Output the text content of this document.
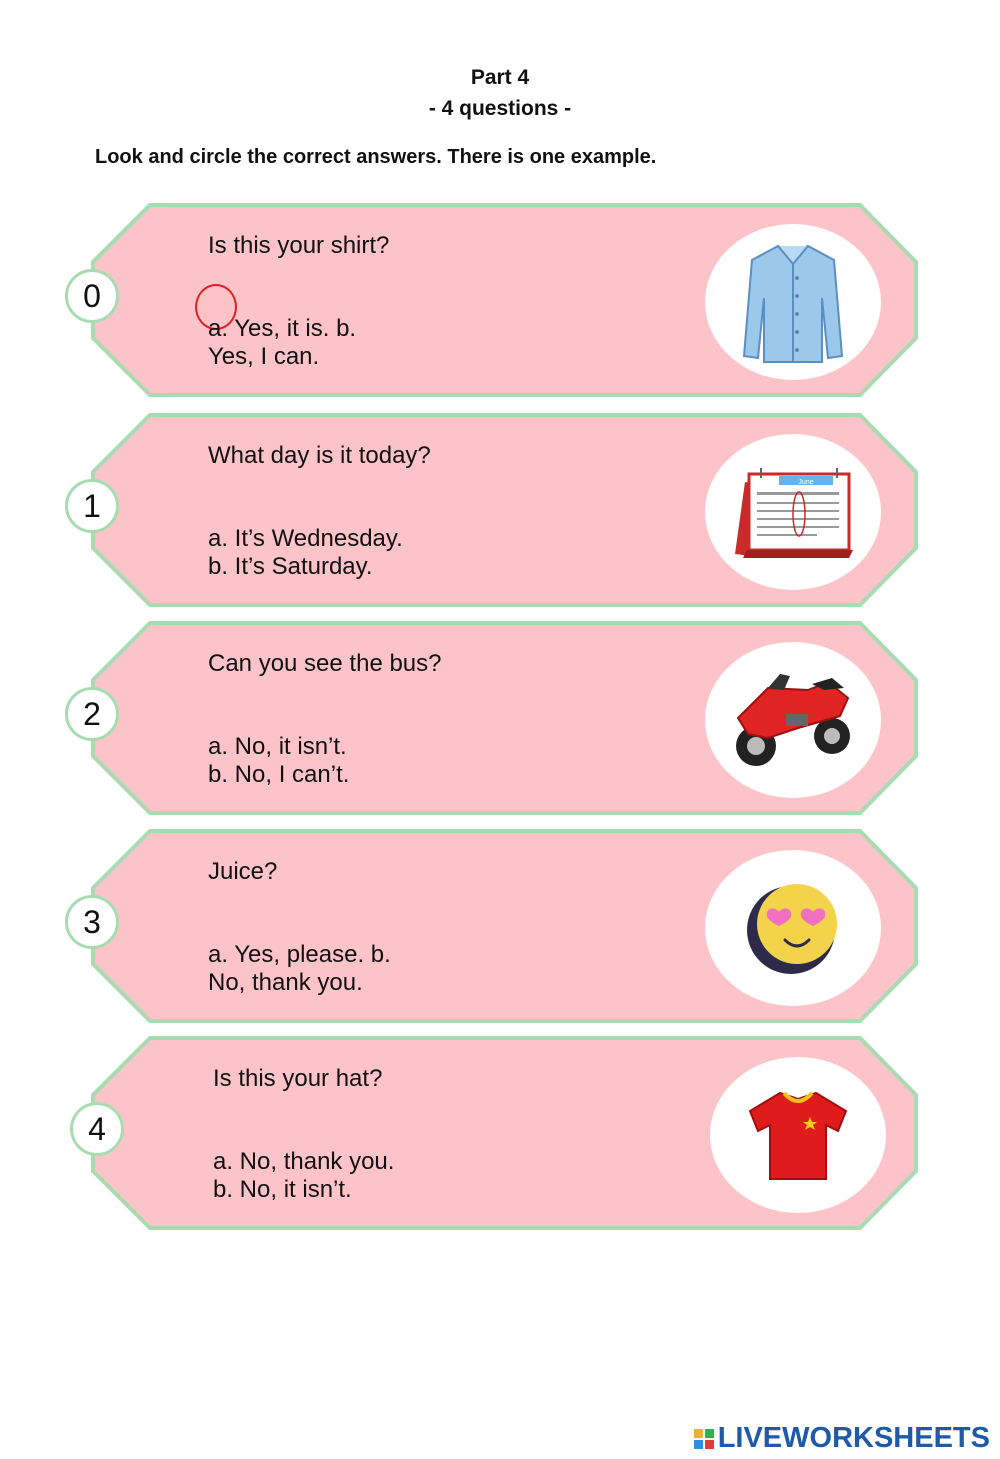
Part 4
- 4 questions -
Look and circle the correct answers. There is one example.
0
Is this your shirt?
a. Yes, it is. b.
Yes, I can.
1
What day is it today?
a. It’s Wednesday.
b. It’s Saturday.
June
2
Can you see the bus?
a. No, it isn’t.
b. No, I can’t.
3
Juice?
a. Yes, please. b.
No, thank you.
4
Is this your hat?
a. No, thank you.
b. No, it isn’t.
LIVEWORKSHEETS
